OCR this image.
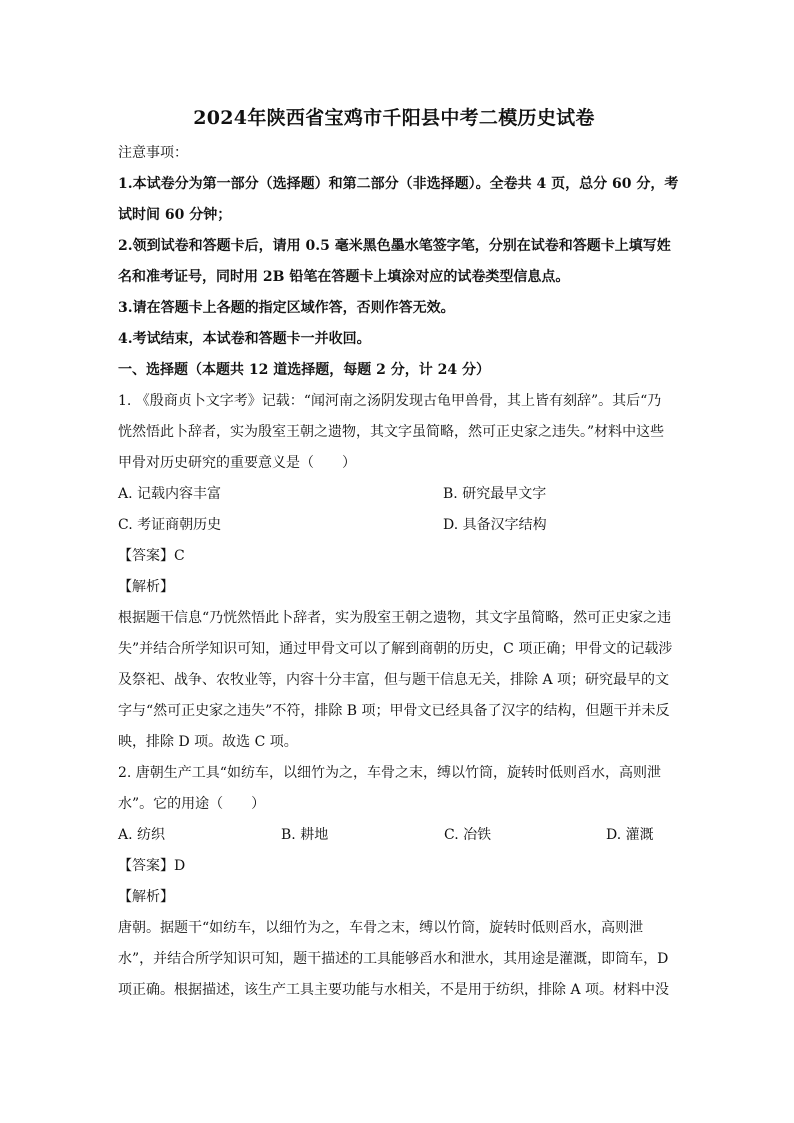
2024年陕西省宝鸡市千阳县中考二模历史试卷

注意事项：

1.本试卷分为第一部分（选择题）和第二部分（非选择题）。全卷共 4 页，总分 60 分，考

试时间 60 分钟；

2.领到试卷和答题卡后，请用 0.5 毫米黑色墨水笔签字笔，分别在试卷和答题卡上填写姓

名和准考证号，同时用 2B 铅笔在答题卡上填涂对应的试卷类型信息点。

3.请在答题卡上各题的指定区域作答，否则作答无效。

4.考试结束，本试卷和答题卡一并收回。

一、选择题（本题共 12 道选择题，每题 2 分，计 24 分）

1. 《殷商贞卜文字考》记载：“闻河南之汤阴发现古龟甲兽骨，其上皆有刻辞”。其后“乃

恍然悟此卜辞者，实为殷室王朝之遗物，其文字虽简略，然可正史家之违失。”材料中这些

甲骨对历史研究的重要意义是（　　）

A. 记载内容丰富	B. 研究最早文字
C. 考证商朝历史	D. 具备汉字结构

【答案】C

【解析】

根据题干信息“乃恍然悟此卜辞者，实为殷室王朝之遗物，其文字虽简略，然可正史家之违

失”并结合所学知识可知，通过甲骨文可以了解到商朝的历史，C 项正确；甲骨文的记载涉

及祭祀、战争、农牧业等，内容十分丰富，但与题干信息无关，排除 A 项；研究最早的文

字与“然可正史家之违失”不符，排除 B 项；甲骨文已经具备了汉字的结构，但题干并未反

映，排除 D 项。故选 C 项。

2. 唐朝生产工具“如纺车，以细竹为之，车骨之末，缚以竹筒，旋转时低则舀水，高则泄

水”。它的用途（　　）

A. 纺织	B. 耕地	C. 冶铁	D. 灌溉

【答案】D

【解析】

唐朝。据题干“如纺车，以细竹为之，车骨之末，缚以竹筒，旋转时低则舀水，高则泄

水”，并结合所学知识可知，题干描述的工具能够舀水和泄水，其用途是灌溉，即筒车，D

项正确。根据描述，该生产工具主要功能与水相关，不是用于纺织，排除 A 项。材料中没
